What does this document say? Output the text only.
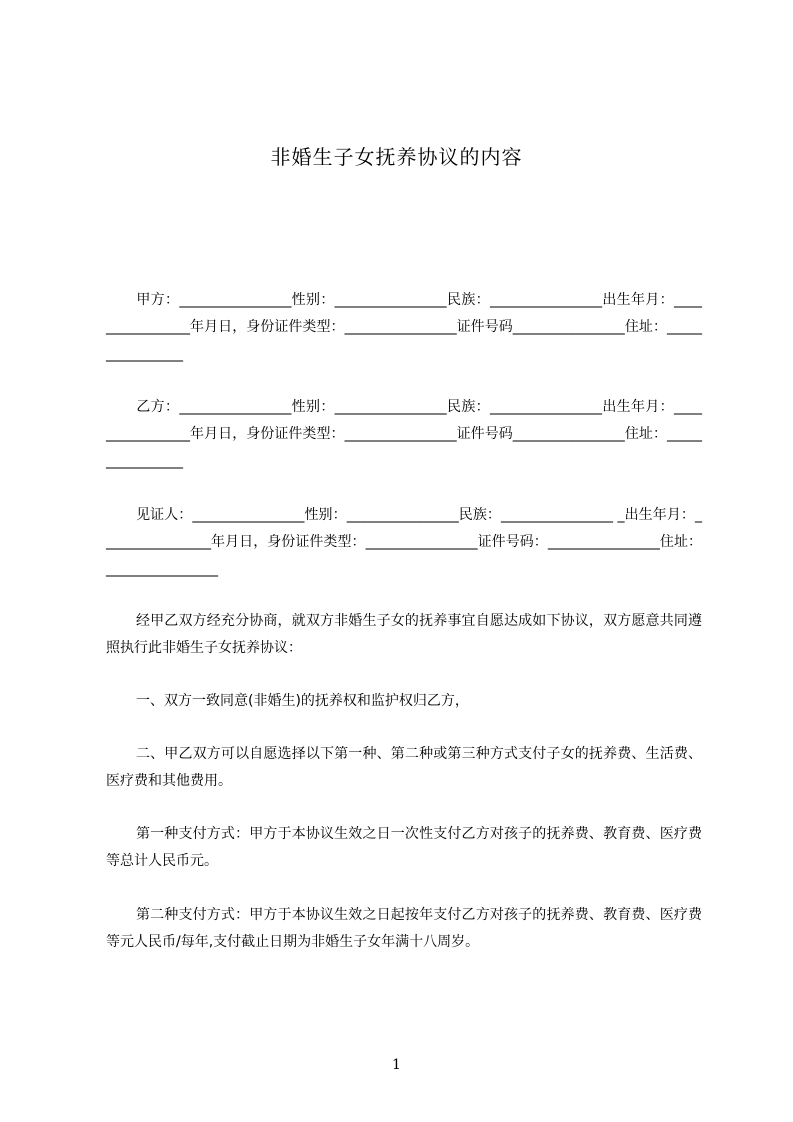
非婚生子女抚养协议的内容
甲方：________________性别：________________民族：________________出生年月：________________年月日，身份证件类型：________________证件号码________________住址：________________
乙方：________________性别：________________民族：________________出生年月：________________年月日，身份证件类型：________________证件号码________________住址：________________
见证人：________________性别：________________民族：________________ _出生年月：________________年月日，身份证件类型：________________证件号码：________________住址：________________
经甲乙双方经充分协商，就双方非婚生子女的抚养事宜自愿达成如下协议，双方愿意共同遵照执行此非婚生子女抚养协议：
一、双方一致同意(非婚生)的抚养权和监护权归乙方，
二、甲乙双方可以自愿选择以下第一种、第二种或第三种方式支付子女的抚养费、生活费、医疗费和其他费用。
第一种支付方式：甲方于本协议生效之日一次性支付乙方对孩子的抚养费、教育费、医疗费等总计人民币元。
第二种支付方式：甲方于本协议生效之日起按年支付乙方对孩子的抚养费、教育费、医疗费等元人民币/每年,支付截止日期为非婚生子女年满十八周岁。
1
